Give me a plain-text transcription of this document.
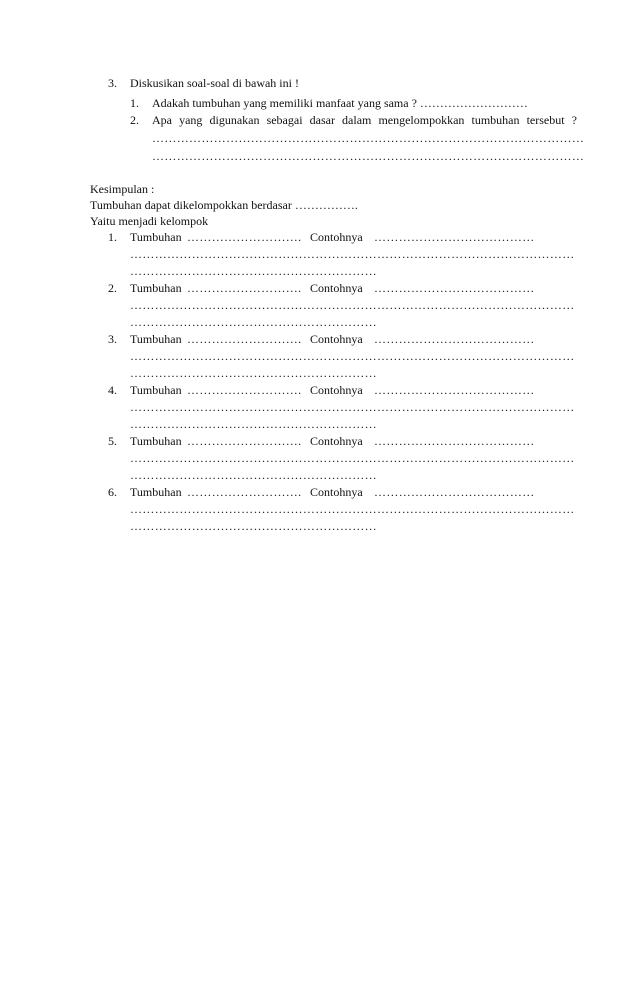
3. Diskusikan soal-soal di bawah ini !
1. Adakah tumbuhan yang memiliki manfaat yang sama ? ………………………
2. Apa yang digunakan sebagai dasar dalam mengelompokkan tumbuhan tersebut ?
……………………………………………………………………………………………
……………………………………………………………………………………………
Kesimpulan :
Tumbuhan dapat dikelompokkan berdasar …………….
Yaitu menjadi kelompok
1. Tumbuhan ………………………. Contohnya …………………………………
………………………………………………………………………………………………
……………………………………………………
2. Tumbuhan ………………………. Contohnya …………………………………
………………………………………………………………………………………………
……………………………………………………
3. Tumbuhan ………………………. Contohnya …………………………………
………………………………………………………………………………………………
……………………………………………………
4. Tumbuhan ………………………. Contohnya …………………………………
………………………………………………………………………………………………
……………………………………………………
5. Tumbuhan ………………………. Contohnya …………………………………
………………………………………………………………………………………………
……………………………………………………
6. Tumbuhan ………………………. Contohnya …………………………………
………………………………………………………………………………………………
……………………………………………………
